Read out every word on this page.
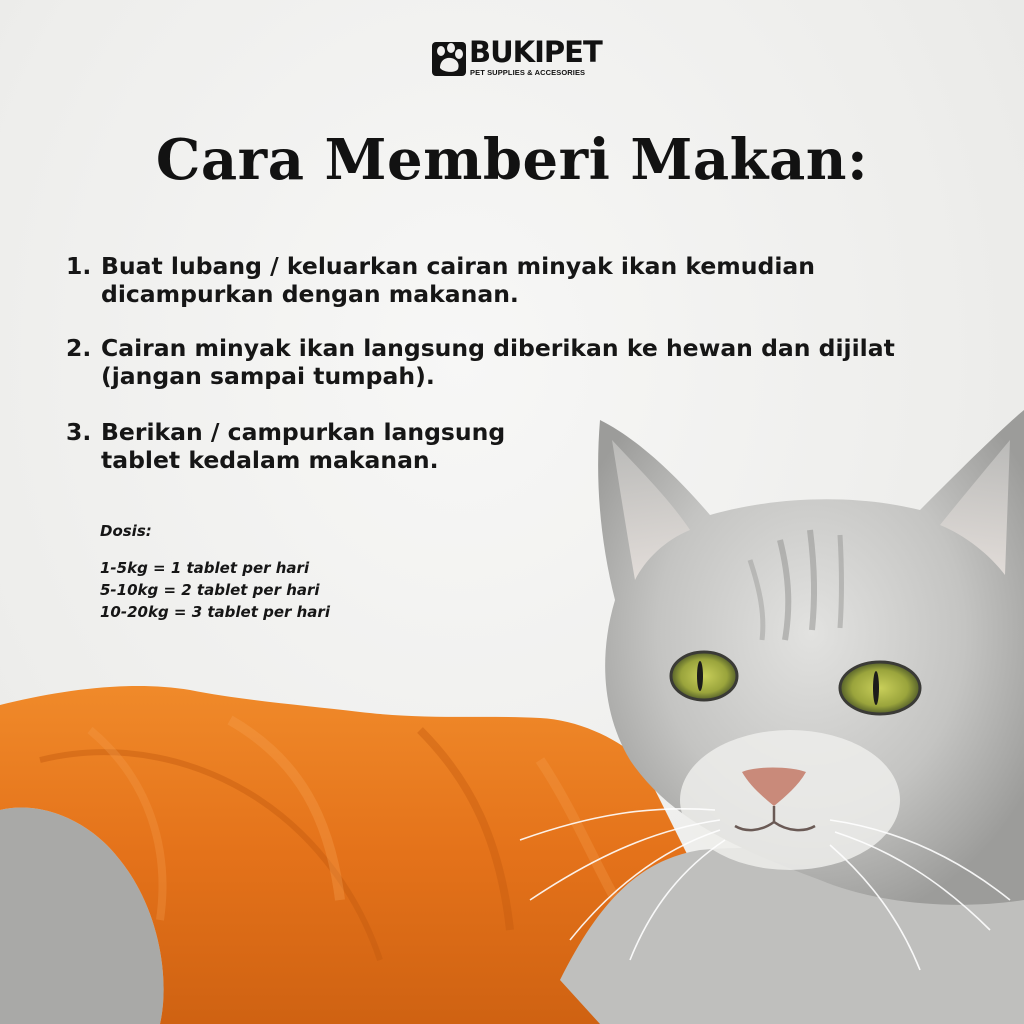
BUKIPET
PET SUPPLIES & ACCESORIES
Cara Memberi Makan:
1. Buat lubang / keluarkan cairan minyak ikan kemudian
dicampurkan dengan makanan.
2. Cairan minyak ikan langsung diberikan ke hewan dan dijilat
(jangan sampai tumpah).
3. Berikan / campurkan langsung
tablet kedalam makanan.
Dosis:
1-5kg = 1 tablet per hari
5-10kg = 2 tablet per hari
10-20kg = 3 tablet per hari
